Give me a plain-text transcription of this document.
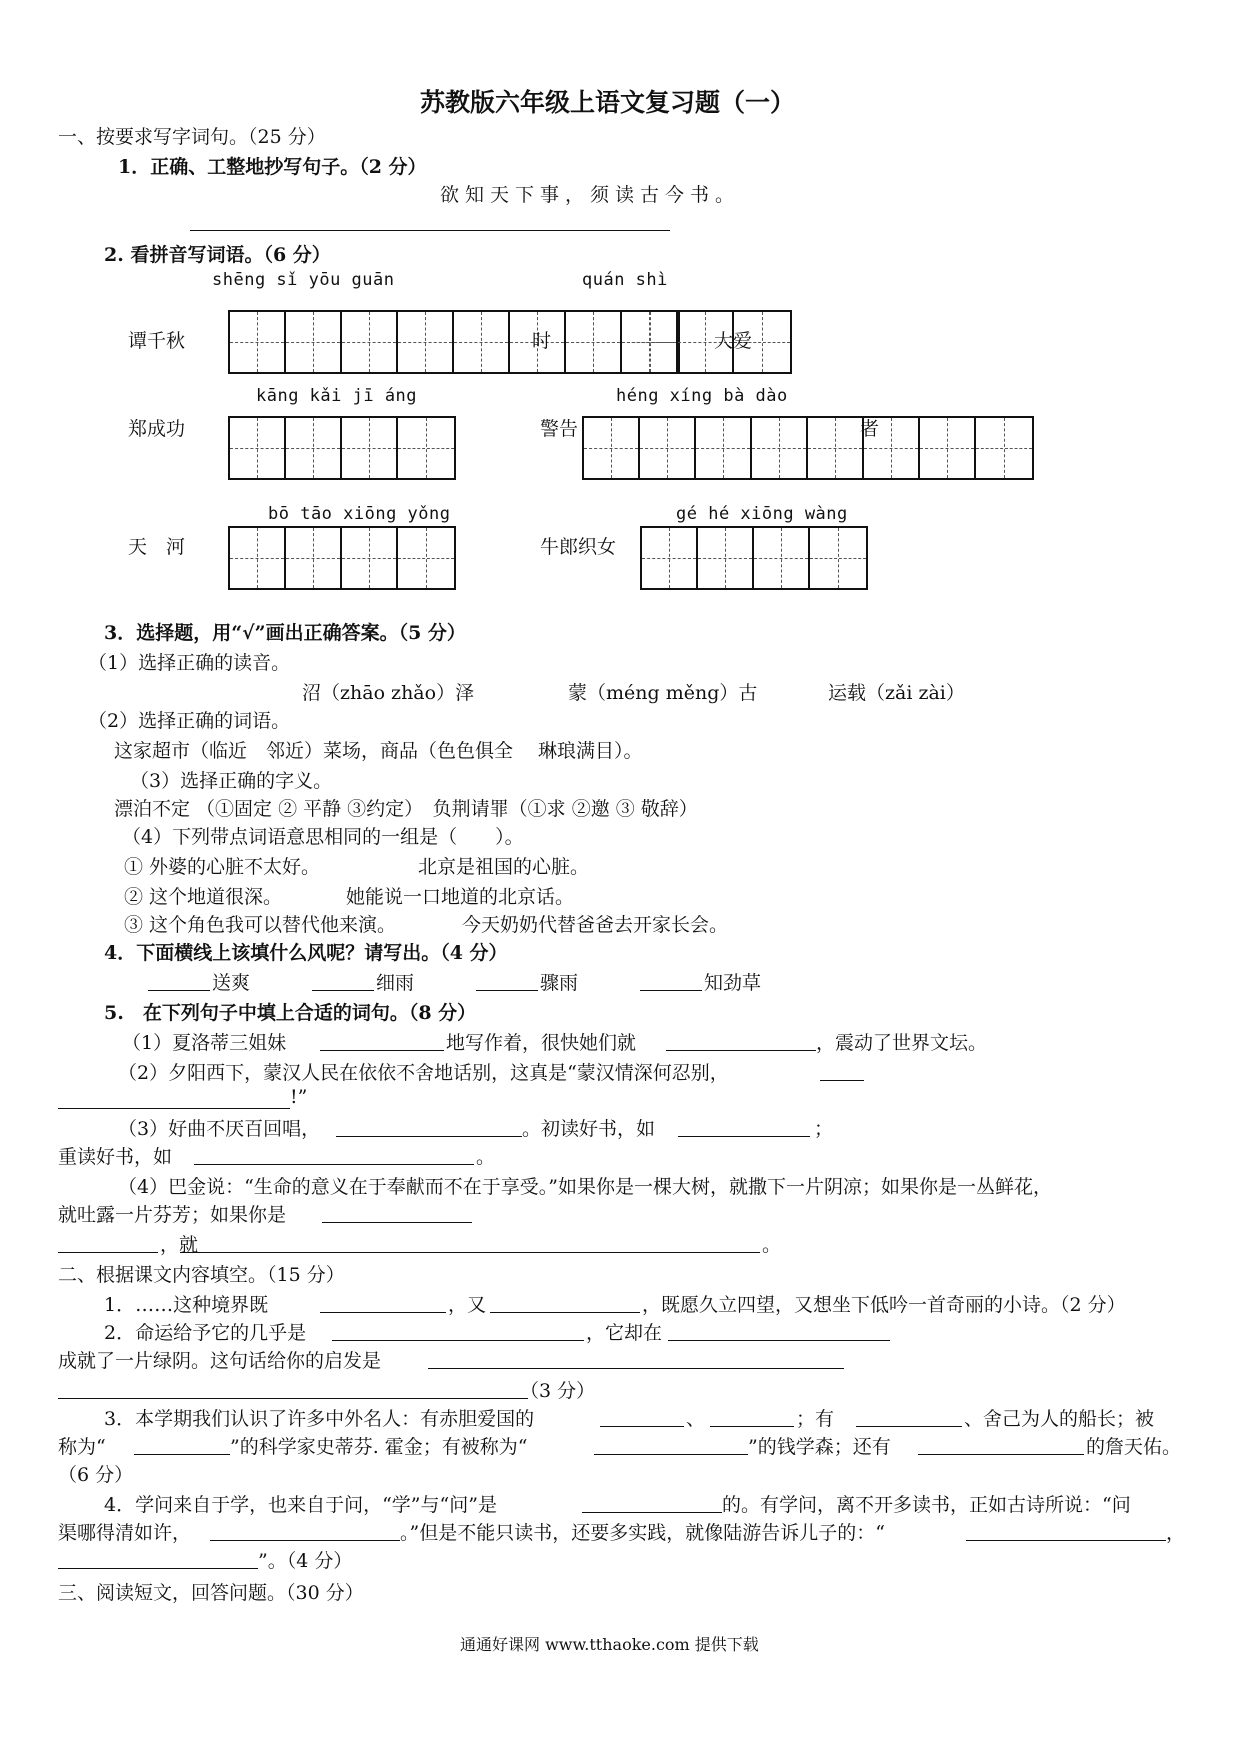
苏教版六年级上语文复习题（一）
一、按要求写字词句。（25 分）
1．正确、工整地抄写句子。（2 分）
欲知天下事，须读古今书。
2. 看拼音写词语。（6 分）
shēng sǐ yōu guān	quán shì
谭千秋	时	大爱
kāng kǎi jī áng	héng xíng bà dào
郑成功	警告	者
bō tāo xiōng yǒng	gé hé xiōng wàng
天　河	牛郎织女
3．选择题，用“√”画出正确答案。（5 分）
（1）选择正确的读音。
沼（zhāo zhǎo）泽	蒙（méng měng）古	运载（zǎi zài）
（2）选择正确的词语。
这家超市（临近　邻近）菜场，商品（色色俱全　 琳琅满目）。
（3）选择正确的字义。
漂泊不定 （①固定 ② 平静 ③约定）　负荆请罪（①求 ②邀 ③ 敬辞）
（4）下列带点词语意思相同的一组是（　　）。
① 外婆的心脏不太好。	北京是祖国的心脏。
② 这个地道很深。	她能说一口地道的北京话。
③ 这个角色我可以替代他来演。	今天奶奶代替爸爸去开家长会。
4．下面横线上该填什么风呢？请写出。（4 分）
送爽	细雨	骤雨	知劲草
5.　在下列句子中填上合适的词句。（8 分）
（1）夏洛蒂三姐妹	地写作着，很快她们就	，震动了世界文坛。
（2）夕阳西下，蒙汉人民在依依不舍地话别，这真是“蒙汉情深何忍别，
!”
（3）好曲不厌百回唱，	。初读好书，如	；
重读好书，如	。
（4）巴金说：“生命的意义在于奉献而不在于享受。”如果你是一棵大树，就撒下一片阴凉；如果你是一丛鲜花，
就吐露一片芬芳；如果你是
，就	。
二、根据课文内容填空。（15 分）
1．……这种境界既	，又	，既愿久立四望，又想坐下低吟一首奇丽的小诗。（2 分）
2．命运给予它的几乎是	，它却在
成就了一片绿阴。这句话给你的启发是
（3 分）
3．本学期我们认识了许多中外名人：有赤胆爱国的	、	；有	、舍己为人的船长；被
称为“	”的科学家史蒂芬. 霍金；有被称为“	”的钱学森；还有	的詹天佑。
（6 分）
4．学问来自于学，也来自于问，“学”与“问”是	的。有学问，离不开多读书，正如古诗所说：“问
渠哪得清如许，	。”但是不能只读书，还要多实践，就像陆游告诉儿子的：“	，
”。（4 分）
三、阅读短文，回答问题。（30 分）
通通好课网 www.tthaoke.com 提供下载
